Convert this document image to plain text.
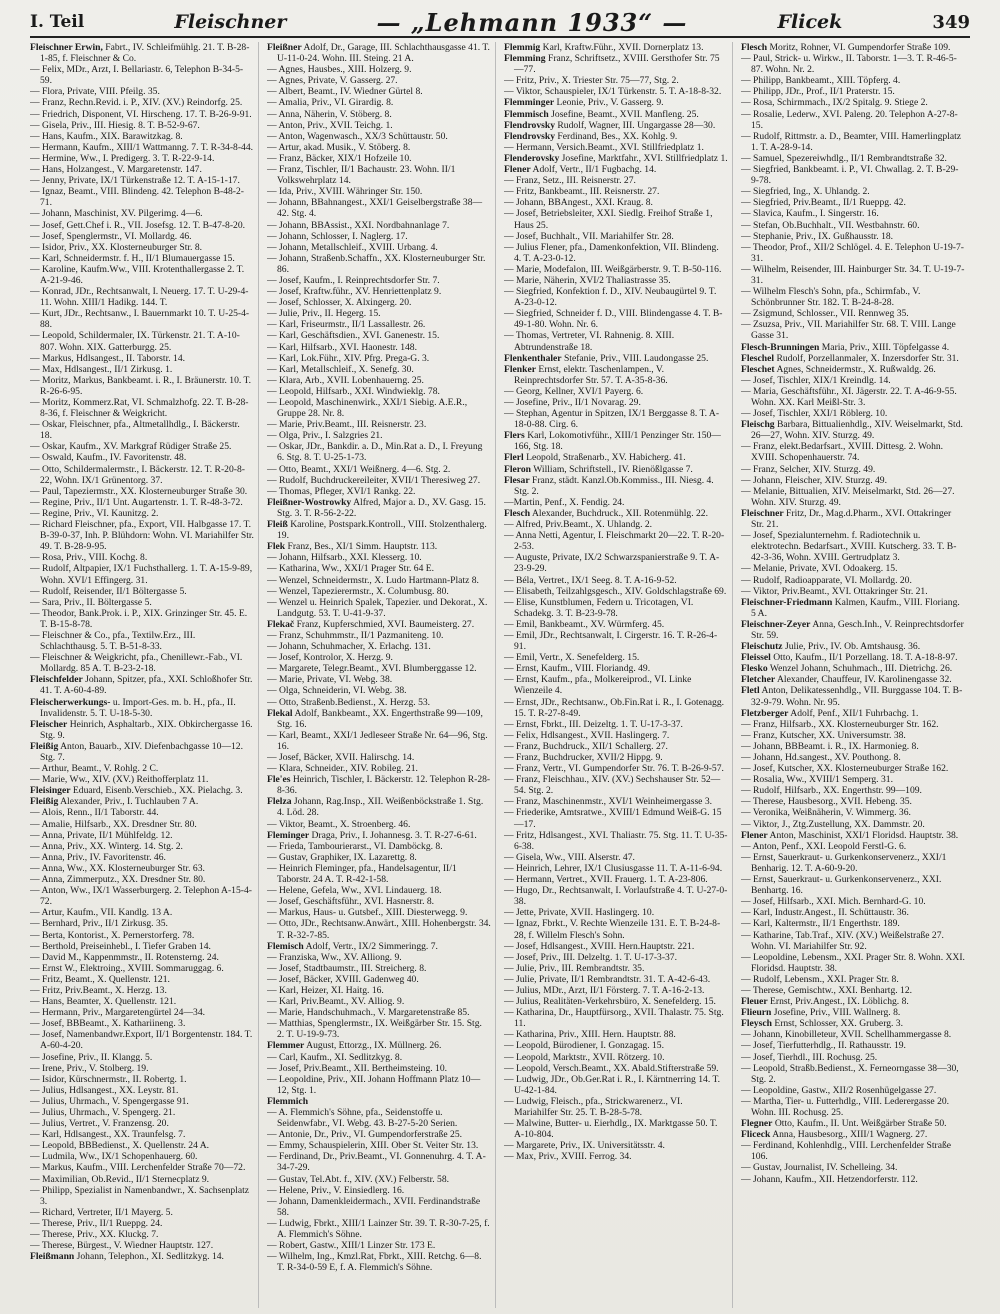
I. Teil	Fleischner	— „Lehmann 1933“ —	Flicek	349
Fleischner Erwin, Fabrt., IV. Schleifmühlg. 21. T. B-28-1-85, f. Fleischner & Co.
— Felix, MDr., Arzt, I. Bellariastr. 6, Telephon B-34-5-59.
— Flora, Private, VIII. Pfeilg. 35.
— Franz, Rechn.Revid. i. P., XIV. (XV.) Reindorfg. 25.
— Friedrich, Disponent, VI. Hirscheng. 17. T. B-26-9-91.
— Gisela, Priv., III. Hiesig. 8. T. B-52-9-67.
— Hans, Kaufm., XIX. Barawitzkag. 8.
— Hermann, Kaufm., XIII/1 Wattmanng. 7. T. R-34-8-44.
— Hermine, Ww., I. Predigerg. 3. T. R-22-9-14.
— Hans, Holzangest., V. Margaretenstr. 147.
— Jenny, Private, IX/1 Türkenstraße 12. T. A-15-1-17.
— Ignaz, Beamt., VIII. Blindeng. 42. Telephon B-48-2-71.
— Johann, Maschinist, XV. Pilgerimg. 4—6.
— Josef, Gett.Chef i. R., VII. Josefsg. 12. T. B-47-8-20.
— Josef, Spenglermstr., VI. Mollardg. 46.
— Isidor, Priv., XX. Klosterneuburger Str. 8.
— Karl, Schneidermstr. f. H., II/1 Blumauergasse 15.
— Karoline, Kaufm.Ww., VIII. Krotenthallergasse 2. T. A-21-9-46.
— Konrad, JDr., Rechtsanwalt, I. Neuerg. 17. T. U-29-4-11. Wohn. XIII/1 Hadikg. 144. T.
— Kurt, JDr., Rechtsanw., I. Bauernmarkt 10. T. U-25-4-88.
— Leopold, Schildermaler, IX. Türkenstr. 21. T. A-10-807. Wohn. XIX. Gatterburgg. 25.
— Markus, Hdlsangest., II. Taborstr. 14.
— Max, Hdlsangest., II/1 Zirkusg. 1.
— Moritz, Markus, Bankbeamt. i. R., I. Bräunerstr. 10. T. R-26-6-95.
— Moritz, Kommerz.Rat, VI. Schmalzhofg. 22. T. B-28-8-36, f. Fleischner & Weigkricht.
— Oskar, Fleischner, pfa., Altmetallhdlg., I. Bäckerstr. 18.
— Oskar, Kaufm., XV. Markgraf Rüdiger Straße 25.
— Oswald, Kaufm., IV. Favoritenstr. 48.
— Otto, Schildermalermstr., I. Bäckerstr. 12. T. R-20-8-22, Wohn. IX/1 Grünentorg. 37.
— Paul, Tapeziermstr., XX. Klosterneuburger Straße 30.
— Regine, Priv., II/1 Unt. Augartenstr. 1. T. R-48-3-72.
— Regine, Priv., VI. Kaunitzg. 2.
— Richard Fleischner, pfa., Export, VII. Halbgasse 17. T. B-39-0-37, Inh. P. Blühdorn: Wohn. VI. Mariahilfer Str. 49. T. B-28-9-95.
— Rosa, Priv., VIII. Kochg. 8.
— Rudolf, Altpapier, IX/1 Fuchsthallerg. 1. T. A-15-9-89, Wohn. XVI/1 Effingerg. 31.
— Rudolf, Reisender, II/1 Böltergasse 5.
— Sara, Priv., II. Böltergasse 5.
— Theodor, Bank.Prok. i. P., XIX. Grinzinger Str. 45. E. T. B-15-8-78.
— Fleischner & Co., pfa., Textilw.Erz., III. Schlachthausg. 5. T. B-51-8-33.
— Fleischner & Weigkricht, pfa., Chenillewr.-Fab., VI. Mollardg. 85 A. T. B-23-2-18.
Fleischfelder Johann, Spitzer, pfa., XXI. Schloßhofer Str. 41. T. A-60-4-89.
Fleischerwerkungs- u. Import-Ges. m. b. H., pfa., II. Invalidenstr. 5. T. U-18-5-30.
Fleischer Heinrich, Asphaltarb., XIX. Obkirchergasse 16. Stg. 9.
Fleißig Anton, Bauarb., XIV. Diefenbachgasse 10—12. Stg. 7.
— Arthur, Beamt., V. Rohlg. 2 C.
— Marie, Ww., XIV. (XV.) Reithofferplatz 11.
Fleisinger Eduard, Eisenb.Verschieb., XX. Pielachg. 3.
Fleißig Alexander, Priv., I. Tuchlauben 7 A.
— Alois, Renn., II/1 Taborstr. 44.
— Amalie, Hilfsarb., XX. Dresdner Str. 80.
— Anna, Private, II/1 Mühlfeldg. 12.
— Anna, Priv., XX. Winterg. 14. Stg. 2.
— Anna, Priv., IV. Favoritenstr. 46.
— Anna, Ww., XX. Klosterneuburger Str. 63.
— Anna, Zimmerputz., XX. Dresdner Str. 80.
— Anton, Ww., IX/1 Wasserburgerg. 2. Telephon A-15-4-72.
— Artur, Kaufm., VII. Kandlg. 13 A.
— Bernhard, Priv., II/1 Zirkusg. 35.
— Berta, Kontorist., X. Pernerstorferg. 78.
— Berthold, Preiseinhebl., I. Tiefer Graben 14.
— David M., Kappenmmstr., II. Rotensterng. 24.
— Ernst W., Elektroing., XVIII. Sommaruggag. 6.
— Fritz, Beamt., X. Quellenstr. 121.
— Fritz, Priv.Beamt., X. Herzg. 13.
— Hans, Beamter, X. Quellenstr. 121.
— Hermann, Priv., Margaretengürtel 24—34.
— Josef, BBBeamt., X. Kathariineng. 3.
— Josef, Namenbandwr.Export, II/1 Borgentenstr. 184. T. A-60-4-20.
— Josefine, Priv., II. Klangg. 5.
— Irene, Priv., V. Stolberg. 19.
— Isidor, Kürschnermstr., II. Robertg. 1.
— Julius, Hdlsangest., XX. Leystr. 81.
— Julius, Uhrmach., V. Spengergasse 91.
— Julius, Uhrmach., V. Spengerg. 21.
— Julius, Vertret., V. Franzensg. 20.
— Karl, Hdlsangest., XX. Traunfelsg. 7.
— Leopold, BBBedienst., X. Quellenstr. 24 A.
— Ludmila, Ww., IX/1 Schopenhauerg. 60.
— Markus, Kaufm., VIII. Lerchenfelder Straße 70—72.
— Maximilian, Ob.Revid., II/1 Sternecplatz 9.
— Philipp, Spezialist in Namenbandwr., X. Sachsenplatz 3.
— Richard, Vertreter, II/1 Mayerg. 5.
— Therese, Priv., II/1 Rueppg. 24.
— Therese, Priv., XX. Kluckg. 7.
— Therese, Bürgest., V. Wiedner Hauptstr. 127.
Fleißmann Johann, Telephon., XI. Sedlitzkyg. 14.
Fleißner Adolf, Dr., Garage, III. Schlachthausgasse 41. T. U-11-0-24. Wohn. III. Steing. 21 A.
— Agnes, Hausbes., XIII. Holzerg. 9.
— Agnes, Private, V. Gasserg. 27.
— Albert, Beamt., IV. Wiedner Gürtel 8.
— Amalia, Priv., VI. Girardig. 8.
— Anna, Näherin, V. Stöberg. 8.
— Anton, Priv., XVII. Teichg. 1.
— Anton, Wagenwasch., XX/3 Schüttaustr. 50.
— Artur, akad. Musik., V. Stöberg. 8.
— Franz, Bäcker, XIX/1 Hofzeile 10.
— Franz, Tischler, II/1 Bachaustr. 23. Wohn. II/1 Volkswehrplatz 14.
— Ida, Priv., XVIII. Währinger Str. 150.
— Johann, BBahnangest., XXI/1 Geiselbergstraße 38—42. Stg. 4.
— Johann, BBAssist., XXI. Nordbahnanlage 7.
— Johann, Schlosser, I. Naglerg. 17.
— Johann, Metallschleif., XVIII. Urbang. 4.
— Johann, Straßenb.Schaffn., XX. Klosterneuburger Str. 86.
— Josef, Kaufm., I. Reinprechtsdorfer Str. 7.
— Josef, Kraftw.führ., XV. Henriettenplatz 9.
— Josef, Schlosser, X. Alxingerg. 20.
— Julie, Priv., II. Hegerg. 15.
— Karl, Friseurmstr., II/1 Lassallestr. 26.
— Karl, Geschäftsdien., XVI. Ganenestr. 15.
— Karl, Hilfsarb., XVI. Haonestr. 148.
— Karl, Lok.Führ., XIV. Pfrg. Prega-G. 3.
— Karl, Metallschleif., X. Senefg. 30.
— Klara, Arb., XVII. Lobenhauerng. 25.
— Leopold, Hilfsarb., XXI. Windwieklg. 78.
— Leopold, Maschinenwirk., XXI/1 Siebig. A.E.R., Gruppe 28. Nr. 8.
— Marie, Priv.Beamt., III. Reisnerstr. 23.
— Olga, Priv., I. Salzgries 21.
— Oskar, JDr., Bankdir. a. D., Min.Rat a. D., I. Freyung 6. Stg. 8. T. U-25-1-73.
— Otto, Beamt., XXI/1 Weißnerg. 4—6. Stg. 2.
— Rudolf, Buchdruckereileiter, XVII/1 Theresiweg 27.
— Thomas, Pfleger, XVI/1 Rankg. 22.
Fleißner-Wostrowky Alfred, Major a. D., XV. Gasg. 15. Stg. 3. T. R-56-2-22.
Fleiß Karoline, Postspark.Kontroll., VIII. Stolzenthalerg. 19.
Flek Franz, Bes., XI/1 Simm. Hauptstr. 113.
— Johann, Hilfsarb., XXI. Klesserg. 10.
— Katharina, Ww., XXI/1 Prager Str. 64 E.
— Wenzel, Schneidermstr., X. Ludo Hartmann-Platz 8.
— Wenzel, Tapezierermstr., X. Columbusg. 80.
— Wenzel u. Heinrich Spalek, Tapezier. und Dekorat., X. Landgutg. 53. T. U-41-9-37.
Flekač Franz, Kupferschmied, XVI. Baumeisterg. 27.
— Franz, Schuhmmstr., II/1 Pazmaniteng. 10.
— Johann, Schuhmacher, X. Erlachg. 131.
— Josef, Kontrolor, X. Herzg. 9.
— Margarete, Telegr.Beamt., XVI. Blumberggasse 12.
— Marie, Private, VI. Webg. 38.
— Olga, Schneiderin, VI. Webg. 38.
— Otto, Straßenb.Bedienst., X. Herzg. 53.
Flekal Adolf, Bankbeamt., XX. Engerthstraße 99—109, Stg. 16.
— Karl, Beamt., XXI/1 Jedleseer Straße Nr. 64—96, Stg. 16.
— Josef, Bäcker, XVII. Halirschg. 14.
— Klara, Schneider., XIV. Robileg. 21.
Fle'es Heinrich, Tischler, I. Bäckerstr. 12. Telephon R-28-8-36.
Flelza Johann, Rag.Insp., XII. Weißenböckstraße 1. Stg. 4. Löd. 28.
— Viktor, Beamt., X. Stroenberg. 46.
Fleminger Draga, Priv., I. Johannesg. 3. T. R-27-6-61.
— Frieda, Tambourierarst., VI. Damböckg. 8.
— Gustav, Graphiker, IX. Lazarettg. 8.
— Heinrich Fleminger, pfa., Handelsagentur, II/1 Taborstr. 24 A. T. R-42-1-58.
— Helene, Gefela, Ww., XVI. Lindauerg. 18.
— Josef, Geschäftsführ., XVI. Hasnerstr. 8.
— Markus, Haus- u. Gutsbef., XIII. Diesterwegg. 9.
— Otto, JDr., Rechtsanw.Anwärt., XIII. Hohenbergstr. 34. T. R-32-7-85.
Flemisch Adolf, Vertr., IX/2 Simmeringg. 7.
— Franziska, Ww., XV. Alliong. 9.
— Josef, Stadtbaumstr., III. Streicherg. 8.
— Josef, Bäcker, XVIII. Gadenweg 40.
— Karl, Heizer, XI. Haitg. 16.
— Karl, Priv.Beamt., XV. Alliog. 9.
— Marie, Handschuhmach., V. Margaretenstraße 85.
— Matthias, Spenglermstr., IX. Weißgärber Str. 15. Stg. 2. T. U-19-9-73.
Flemmer August, Ettorzg., IX. Müllnerg. 26.
— Carl, Kaufm., XI. Sedlitzkyg. 8.
— Josef, Priv.Beamt., XII. Bertheimsteing. 10.
— Leopoldine, Priv., XII. Johann Hoffmann Platz 10—12, Stg. 1.
Flemmich
— A. Flemmich's Söhne, pfa., Seidenstoffe u. Seidenwfabr., VI. Webg. 43. B-27-5-20 Serien.
— Antonie, Dr., Priv., VI. Gumpendorferstraße 25.
— Emmy, Schauspielerin, XIII. Ober St. Veiter Str. 13.
— Ferdinand, Dr., Priv.Beamt., VI. Gonnenuhrg. 4. T. A-34-7-29.
— Gustav, Tel.Abt. f., XIV. (XV.) Felberstr. 58.
— Helene, Priv., V. Einsiedlerg. 16.
— Johann, Damenkleidermach., XVII. Ferdinandstraße 58.
— Ludwig, Fbrkt., XIII/1 Lainzer Str. 39. T. R-30-7-25, f. A. Flemmich's Söhne.
— Robert, Gastw., XIII/1 Linzer Str. 173 E.
— Wilhelm, Ing., Kmzl.Rat, Fbrkt., XIII. Retchg. 6—8. T. R-34-0-59 E, f. A. Flemmich's Söhne.
Flemmig Karl, Kraftw.Führ., XVII. Dornerplatz 13.
Flemming Franz, Schriftsetz., XVIII. Gersthofer Str. 75—77.
— Fritz, Priv., X. Triester Str. 75—77, Stg. 2.
— Viktor, Schauspieler, IX/1 Türkenstr. 5. T. A-18-8-32.
Flemminger Leonie, Priv., V. Gasserg. 9.
Flemmisch Josefine, Beamt., XVII. Manfleng. 25.
Flendrovsky Rudolf, Wagner, III. Ungargasse 28—30.
Flendrovsky Ferdinand, Bes., XX. Kohlg. 9.
— Hermann, Versich.Beamt., XVI. Stillfriedplatz 1.
Flenderovsky Josefine, Marktfahr., XVI. Stillfriedplatz 1.
Flener Adolf, Vertr., II/1 Fugbachg. 14.
— Franz, Setz., III. Reisnerstr. 27.
— Fritz, Bankbeamt., III. Reisnerstr. 27.
— Johann, BBAngest., XXI. Kraug. 8.
— Josef, Betriebsleiter, XXI. Siedlg. Freihof Straße 1, Haus 25.
— Josef, Buchhalt., VII. Mariahilfer Str. 28.
— Julius Flener, pfa., Damenkonfektion, VII. Blindeng. 4. T. A-23-0-12.
— Marie, Modefalon, III. Weißgärberstr. 9. T. B-50-116.
— Marie, Näherin, XVI/2 Thaliastrasse 35.
— Siegfried, Konfektion f. D., XIV. Neubaugürtel 9. T. A-23-0-12.
— Siegfried, Schneider f. D., VIII. Blindengasse 4. T. B-49-1-80. Wohn. Nr. 6.
— Thomas, Vertreter, VI. Rahnenig. 8. XIII. Abtrundenstraße 18.
Flenkenthaler Stefanie, Priv., VIII. Laudongasse 25.
Flenker Ernst, elektr. Taschenlampen., V. Reinprechtsdorfer Str. 57. T. A-35-8-36.
— Georg, Kellner, XVI/1 Payerg. 6.
— Josefine, Priv., II/1 Novarag. 29.
— Stephan, Agentur in Spitzen, IX/1 Berggasse 8. T. A-18-0-88. Cirg. 6.
Flers Karl, Lokomotivführ., XIII/1 Penzinger Str. 150—166, Stg. 18.
Flerl Leopold, Straßenarb., XV. Habicherg. 41.
Fleron William, Schriftstell., IV. Rienößlgasse 7.
Flesar Franz, städt. Kanzl.Ob.Kommiss., III. Niesg. 4. Stg. 2.
—Martin, Penf., X. Fendig. 24.
Flesch Alexander, Buchdruck., XII. Rotenmühlg. 22.
— Alfred, Priv.Beamt., X. Uhlandg. 2.
— Anna Netti, Agentur, I. Fleischmarkt 20—22. T. R-20-2-53.
— Auguste, Private, IX/2 Schwarzspanierstraße 9. T. A-23-9-29.
— Béla, Vertret., IX/1 Seeg. 8. T. A-16-9-52.
— Elisabeth, Teilzahlgsgesch., XIV. Goldschlagstraße 69.
— Elise, Kunstblumen, Federn u. Tricotagen, VI. Schadekg. 3. T. B-23-9-78.
— Emil, Bankbeamt., XV. Würmferg. 45.
— Emil, JDr., Rechtsanwalt, I. Cirgerstr. 16. T. R-26-4-91.
— Emil, Vertr., X. Senefelderg. 15.
— Ernst, Kaufm., VIII. Floriandg. 49.
— Ernst, Kaufm., pfa., Molkereiprod., VI. Linke Wienzeile 4.
— Ernst, JDr., Rechtsanw., Ob.Fin.Rat i. R., I. Gotenagg. 15. T. R-27-8-49.
— Ernst, Fbrkt., III. Deizeltg. 1. T. U-17-3-37.
— Felix, Hdlsangest., XVII. Haslingerg. 7.
— Franz, Buchdruck., XII/1 Schallerg. 27.
— Franz, Buchdrucker, XVII/2 Hippg. 9.
— Franz, Vertr., VI. Gumpendorfer Str. 76. T. B-26-9-57.
— Franz, Fleischhau., XIV. (XV.) Sechshauser Str. 52—54. Stg. 2.
— Franz, Maschinenmstr., XVI/1 Weinheimergasse 3.
— Friederike, Amtsratwe., XVIII/1 Edmund Weiß-G. 15—17.
— Fritz, Hdlsangest., XVI. Thaliastr. 75. Stg. 11. T. U-35-6-38.
— Gisela, Ww., VIII. Alserstr. 47.
— Heinrich, Lehrer, IX/1 Clusiusgasse 11. T. A-11-6-94.
— Hermann, Vertret., XVII. Frauerg. 1. T. A-23-806.
— Hugo, Dr., Rechtsanwalt, I. Vorlaufstraße 4. T. U-27-0-38.
— Jette, Private, XVII. Haslingerg. 10.
— Ignaz, Fbrkt., V. Rechte Wienzeile 131. E. T. B-24-8-28, f. Willelm Flesch's Sohn.
— Josef, Hdlsangest., XVIII. Hern.Hauptstr. 221.
— Josef, Priv., III. Delzeltg. 1. T. U-17-3-37.
— Julie, Priv., III. Rembrandtstr. 35.
— Julie, Private, II/1 Rembrandtstr. 31. T. A-42-6-43.
— Julius, MDr., Arzt, II/1 Försterg. 7. T. A-16-2-13.
— Julius, Realitäten-Verkehrsbüro, X. Senefelderg. 15.
— Katharina, Dr., Hauptfürsorg., XVII. Thalastr. 75. Stg. 11.
— Katharina, Priv., XIII. Hern. Hauptstr. 88.
— Leopold, Bürodiener, I. Gonzagag. 15.
— Leopold, Marktstr., XVII. Rötzerg. 10.
— Leopold, Versch.Beamt., XX. Abald.Stifterstraße 59.
— Ludwig, JDr., Ob.Ger.Rat i. R., I. Kärntnerring 14. T. U-42-1-84.
— Ludwig, Fleisch., pfa., Strickwarenerz., VI. Mariahilfer Str. 25. T. B-28-5-78.
— Malwine, Butter- u. Eierhdlg., IX. Marktgasse 50. T. A-10-804.
— Margarete, Priv., IX. Universitätsstr. 4.
— Max, Priv., XVIII. Ferrog. 34.
Flesch Moritz, Rohner, VI. Gumpendorfer Straße 109.
— Paul, Strick- u. Wirkw., II. Taborstr. 1—3. T. R-46-5-87. Wohn. Nr. 2.
— Philipp, Bankbeamt., XIII. Töpferg. 4.
— Philipp, JDr., Prof., II/1 Praterstr. 15.
— Rosa, Schirmmach., IX/2 Spitalg. 9. Stiege 2.
— Rosalie, Lederw., XVI. Paleng. 20. Telephon A-27-8-15.
— Rudolf, Rittmstr. a. D., Beamter, VIII. Hamerlingplatz 1. T. A-28-9-14.
— Samuel, Spezereiwhdlg., II/1 Rembrandtstraße 32.
— Siegfried, Bankbeamt. i. P., VI. Chwallag. 2. T. B-29-9-78.
— Siegfried, Ing., X. Uhlandg. 2.
— Siegfried, Priv.Beamt., II/1 Rueppg. 42.
— Slavica, Kaufm., I. Singerstr. 16.
— Stefan, Ob.Buchhalt., VII. Westbahnstr. 60.
— Stephanie, Priv., IX. Gußhausstr. 18.
— Theodor, Prof., XII/2 Schlögel. 4. E. Telephon U-19-7-31.
— Wilhelm, Reisender, III. Hainburger Str. 34. T. U-19-7-31.
— Wilhelm Flesch's Sohn, pfa., Schirmfab., V. Schönbrunner Str. 182. T. B-24-8-28.
— Zsigmund, Schlosser., VII. Rennweg 35.
— Zsuzsa, Priv., VII. Mariahilfer Str. 68. T. VIII. Lange Gasse 31.
Flesch-Brunningen Maria, Priv., XIII. Töpfelgasse 4.
Fleschel Rudolf, Porzellanmaler, X. Inzersdorfer Str. 31.
Fleschet Agnes, Schneidermstr., X. Rußwaldg. 26.
— Josef, Tischler, XIX/1 Kreindlg. 14.
— Maria, Geschäftsführ., XI. Jägerstr. 22. T. A-46-9-55. Wohn. XX. Karl Meißl-Str. 3.
— Josef, Tischler, XXI/1 Röblerg. 10.
Fleischg Barbara, Bittualienhdlg., XIV. Weiselmarkt, Std. 26—27, Wohn. XIV. Sturzg. 49.
— Franz, elekt.Bedarfsart., XVIII. Dittesg. 2. Wohn. XVIII. Schopenhauerstr. 74.
— Franz, Selcher, XIV. Sturzg. 49.
— Johann, Fleischer, XIV. Sturzg. 49.
— Melanie, Bittualien, XIV. Meiselmarkt, Std. 26—27. Wohn. XIV. Sturzg. 49.
Fleischner Fritz, Dr., Mag.d.Pharm., XVI. Ottakringer Str. 21.
— Josef, Spezialunternehm. f. Radiotechnik u. elektrotechn. Bedarfsart., XVIII. Kutscherg. 33. T. B-42-3-36, Wohn. XVIII. Gertrudplatz 3.
— Melanie, Private, XVI. Odoakerg. 15.
— Rudolf, Radioapparate, VI. Mollardg. 20.
— Viktor, Priv.Beamt., XVI. Ottakringer Str. 21.
Fleischner-Friedmann Kalmen, Kaufm., VIII. Floriang. 5 A.
Fleischner-Zeyer Anna, Gesch.Inh., V. Reinprechtsdorfer Str. 59.
Fleischutz Julie, Priv., IV. Ob. Amtshausg. 36.
Fleissel Otto, Kaufm., II/1 Porzellang. 18. T. A-18-8-97.
Flesko Wenzel Johann, Schuhmach., III. Dietrichg. 26.
Fletcher Alexander, Chauffeur, IV. Karolinengasse 32.
Fletl Anton, Delikatessenhdlg., VII. Burggasse 104. T. B-32-9-79. Wohn. Nr. 95.
Fletzberger Adolf, Penf., XII/1 Fuhrbachg. 1.
— Franz, Hilfsarb., XX. Klosterneuburger Str. 162.
— Franz, Kutscher, XX. Universumstr. 38.
— Johann, BBBeamt. i. R., IX. Harmonieg. 8.
— Johann, Hd.sangest., XV. Pouthong. 8.
— Josef, Kutscher, XX. Klosterneuburger Straße 162.
— Rosalia, Ww., XVIII/1 Semperg. 31.
— Rudolf, Hilfsarb., XX. Engerthstr. 99—109.
— Therese, Hausbesorg., XVII. Hebeng. 35.
— Veronika, Weißnäherin, V. Wimmerg. 36.
— Viktor, J., Ztg.Zustellung, XX. Dammstr. 20.
Flener Anton, Maschinist, XXI/1 Floridsd. Hauptstr. 38.
— Anton, Penf., XXI. Leopold Ferstl-G. 6.
— Ernst, Sauerkraut- u. Gurkenkonservenerz., XXI/1 Benharig. 12. T. A-60-9-20.
— Ernst, Sauerkraut- u. Gurkenkonservenerz., XXI. Benhartg. 16.
— Josef, Hilfsarb., XXI. Mich. Bernhard-G. 10.
— Karl, Industr.Angest., II. Schüttaustr. 36.
— Karl, Kaltermstr., II/1 Engerthstr. 189.
— Katharine, Tab.Traf., XIV. (XV.) Weißelstraße 27. Wohn. VI. Mariahilfer Str. 92.
— Leopoldine, Lebensm., XXI. Prager Str. 8. Wohn. XXI. Floridsd. Hauptstr. 38.
— Rudolf, Lebensm., XXI. Prager Str. 8.
— Therese, Gemischtw., XXI. Benhartg. 12.
Fleuer Ernst, Priv.Angest., IX. Löblichg. 8.
Flieurn Josefine, Priv., VIII. Wallnerg. 8.
Fleysch Ernst, Schlosser, XX. Gruberg. 3.
— Johann, Kinobilleteur, XVII. Schellhammergasse 8.
— Josef, Tierfutterhdlg., II. Rathausstr. 19.
— Josef, Tierhdl., III. Rochusg. 25.
— Leopold, Straßb.Bedienst., X. Ferneorngasse 38—30, Stg. 2.
— Leopoldine, Gastw., XII/2 Rosenhügelgasse 27.
— Martha, Tier- u. Futterhdlg., VIII. Lederergasse 20. Wohn. III. Rochusg. 25.
Flegner Otto, Kaufm., II. Unt. Weißgärber Straße 50.
Fliceck Anna, Hausbesorg., XIII/1 Wagnerg. 27.
— Ferdinand, Kohlenhdlg., VIII. Lerchenfelder Straße 106.
— Gustav, Journalist, IV. Schelleing. 34.
— Johann, Kaufm., XII. Hetzendorferstr. 112.
